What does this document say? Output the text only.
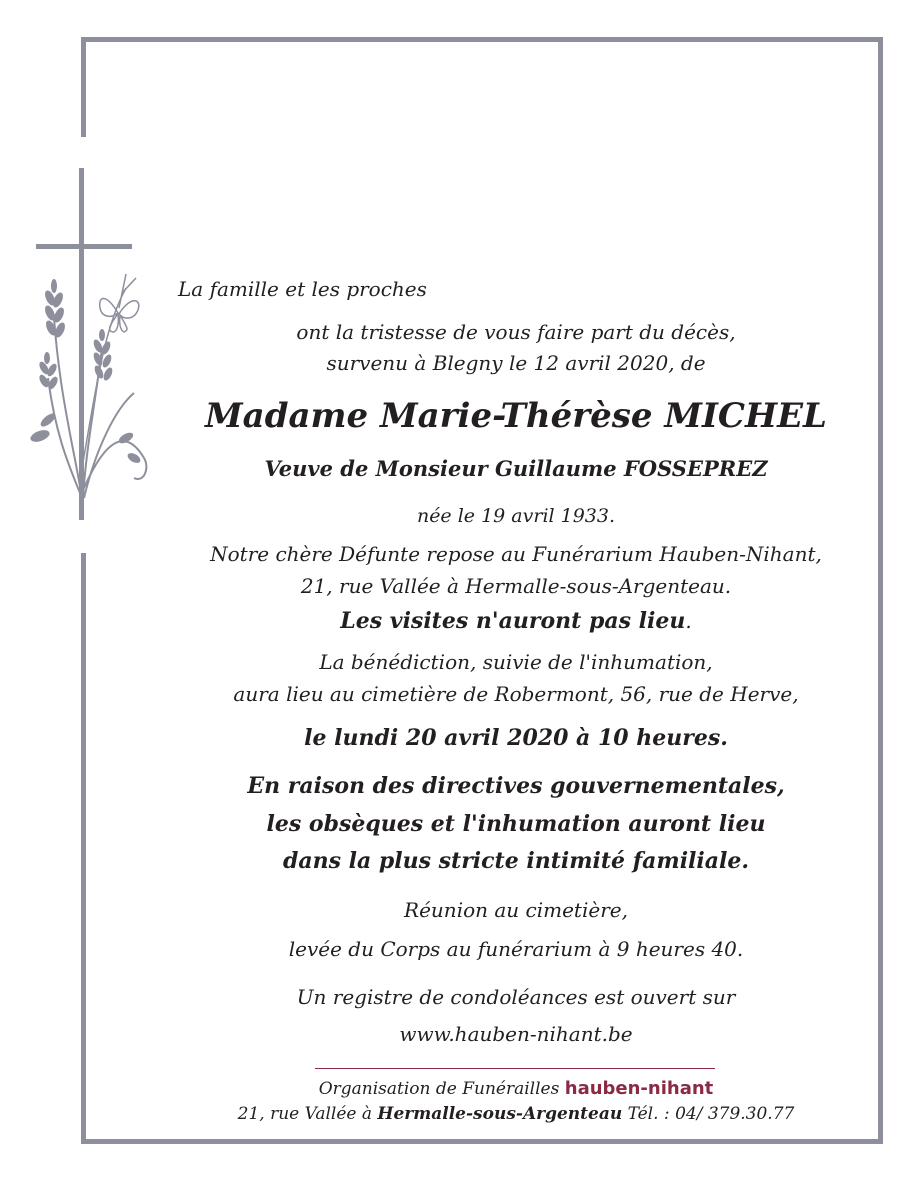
La famille et les proches
ont la tristesse de vous faire part du décès,
survenu à Blegny le 12 avril 2020, de
Madame Marie-Thérèse MICHEL
Veuve de Monsieur Guillaume FOSSEPREZ
née le 19 avril 1933.
Notre chère Défunte repose au Funérarium Hauben-Nihant,
21, rue Vallée à Hermalle-sous-Argenteau.
Les visites n'auront pas lieu.
La bénédiction, suivie de l'inhumation,
aura lieu au cimetière de Robermont, 56, rue de Herve,
le lundi 20 avril 2020 à 10 heures.
En raison des directives gouvernementales,
les obsèques et l'inhumation auront lieu
dans la plus stricte intimité familiale.
Réunion au cimetière,
levée du Corps au funérarium à 9 heures 40.
Un registre de condoléances est ouvert sur
www.hauben-nihant.be
Organisation de Funérailles hauben-nihant
21, rue Vallée à Hermalle-sous-Argenteau Tél. : 04/ 379.30.77
